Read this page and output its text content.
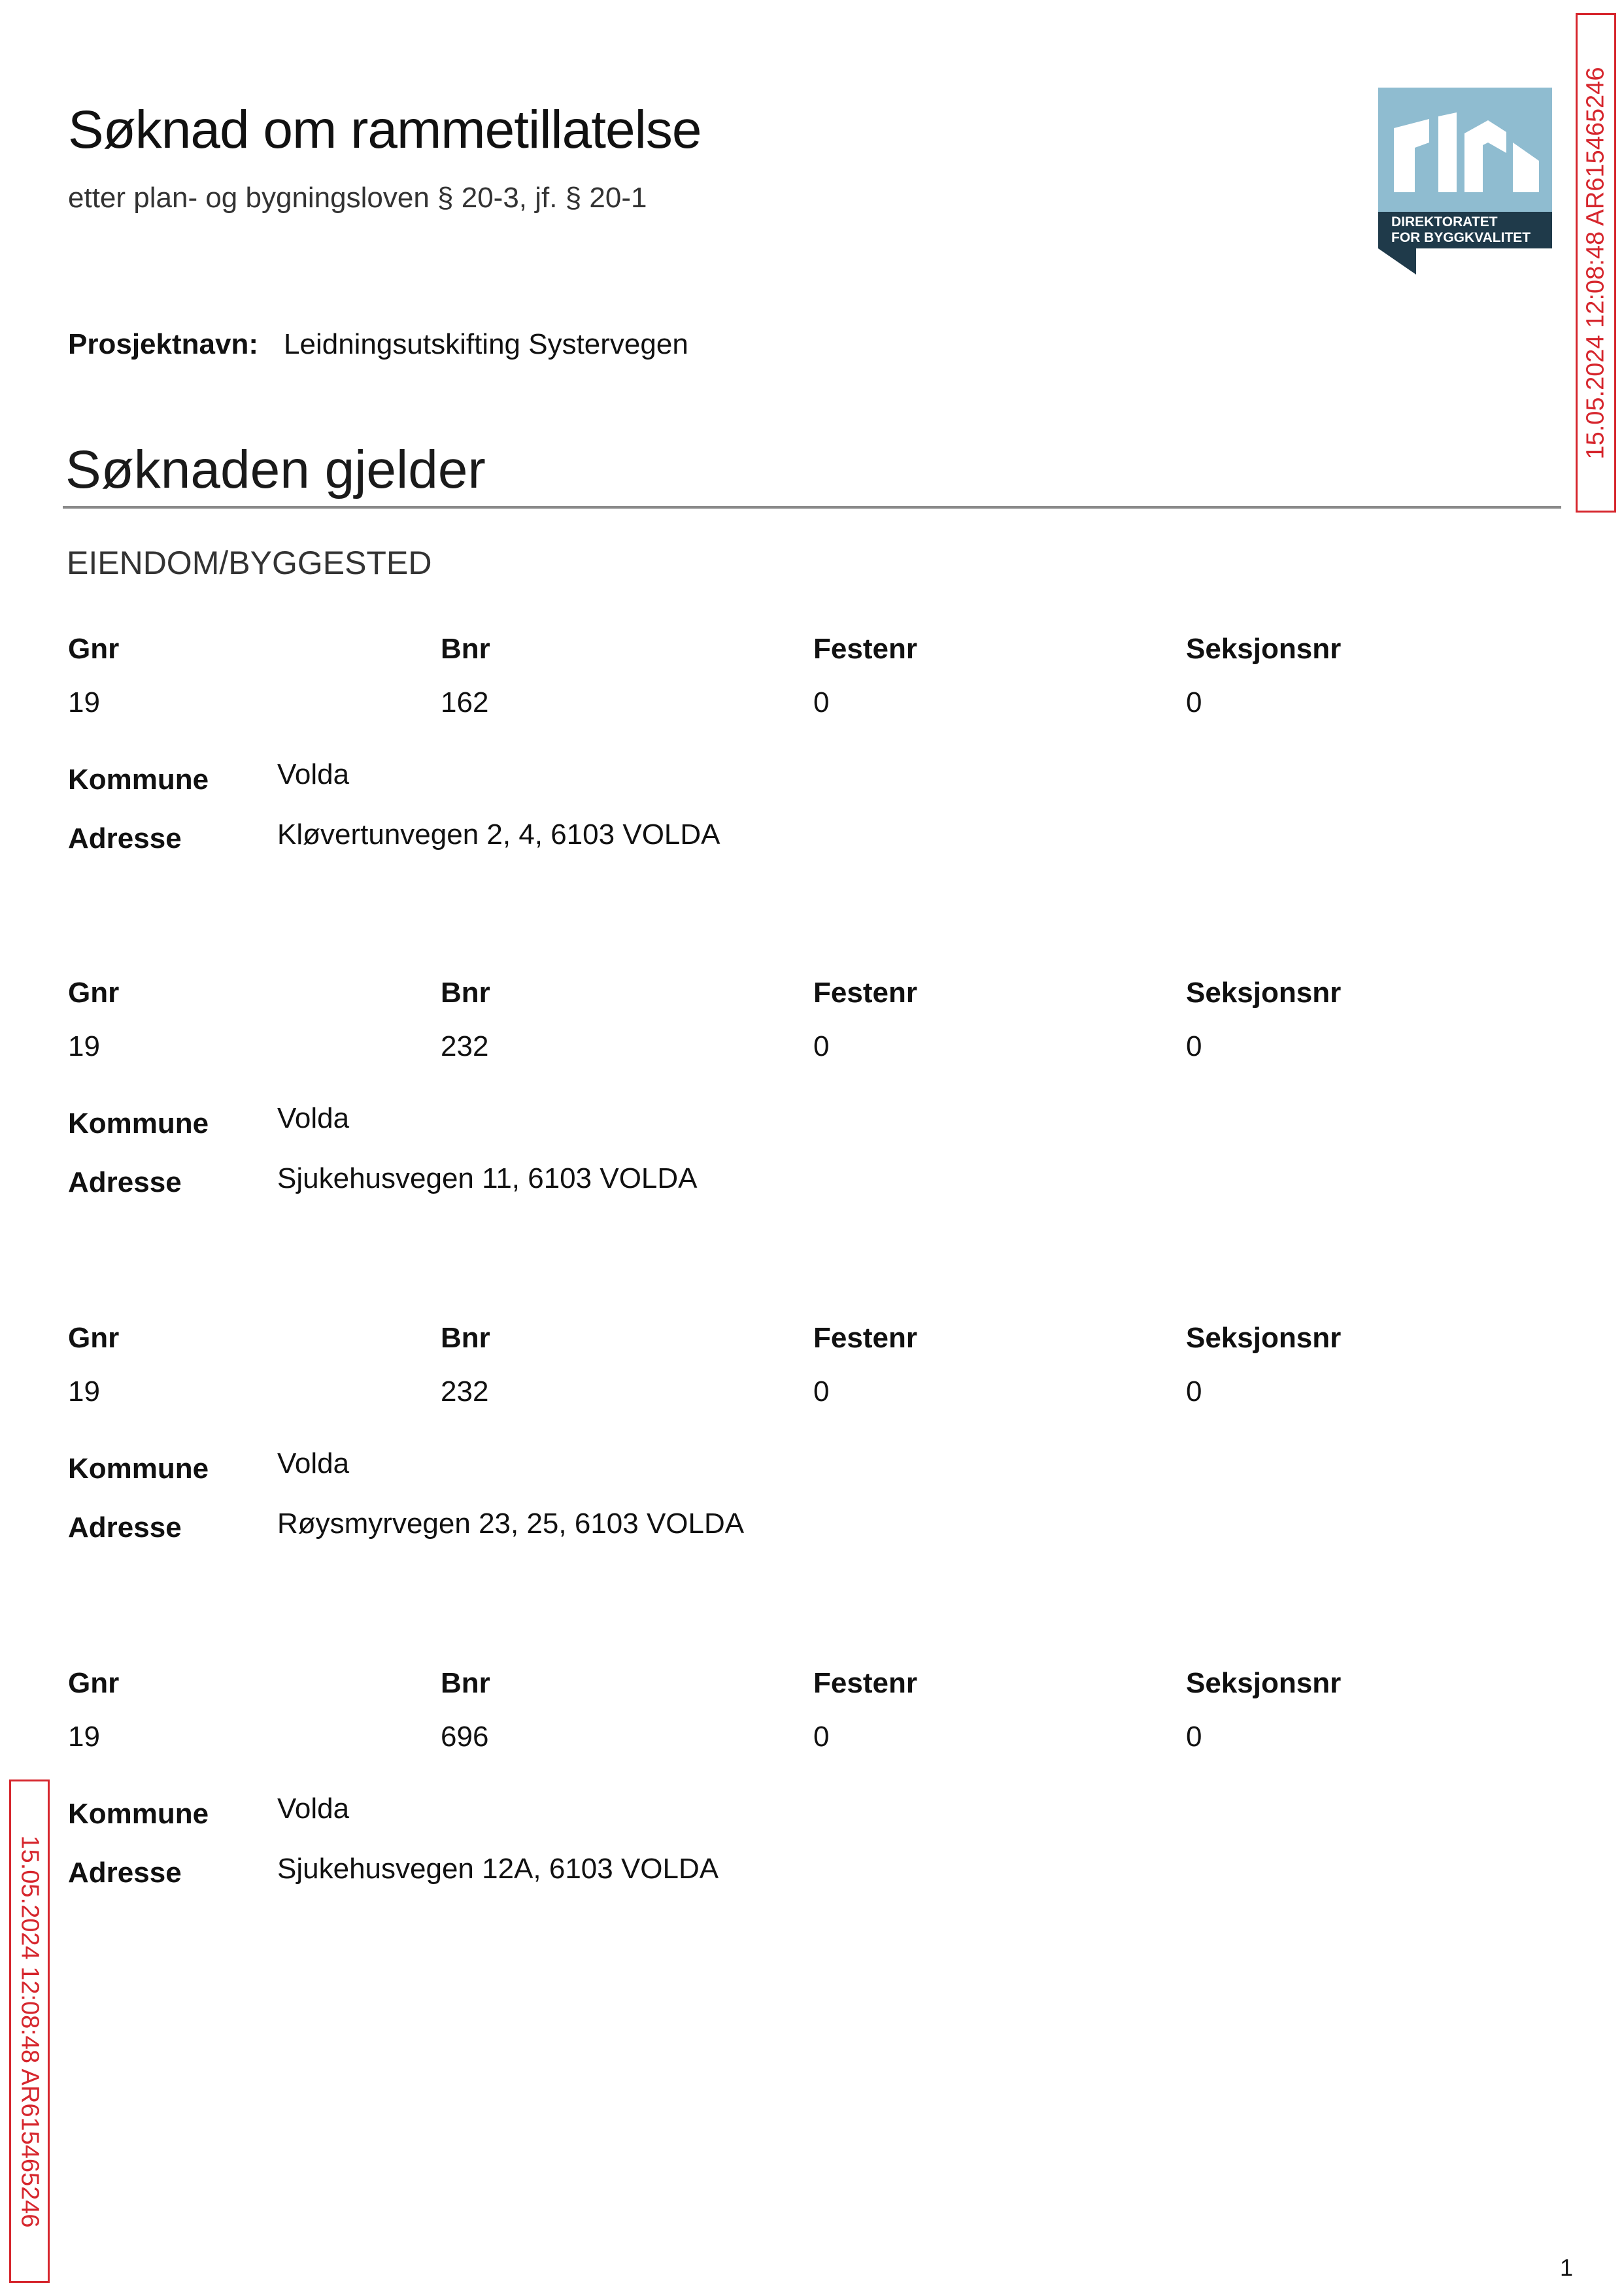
Søknad om rammetillatelse
etter plan- og bygningsloven § 20-3, jf. § 20-1
DIREKTORATET
FOR BYGGKVALITET 15.05.2024 12:08:48 AR615465246
Prosjektnavn: Leidningsutskifting Systervegen
Søknaden gjelder
EIENDOM/BYGGESTED
Gnr	Bnr	Festenr	Seksjonsnr
19	162	0	0
Kommune Volda
Adresse	Kløvertunvegen 2, 4, 6103 VOLDA
Gnr	Bnr	Festenr	Seksjonsnr
19	232	0	0
Kommune Volda
Adresse	Sjukehusvegen 11, 6103 VOLDA
Gnr	Bnr	Festenr	Seksjonsnr
19	232	0	0
Kommune Volda
Adresse	Røysmyrvegen 23, 25, 6103 VOLDA
Gnr	Bnr	Festenr	Seksjonsnr
19	696	0	0
Kommune Volda
Adresse	Sjukehusvegen 12A, 6103 VOLDA
15.05.2024 12:08:48 AR615465246
1
